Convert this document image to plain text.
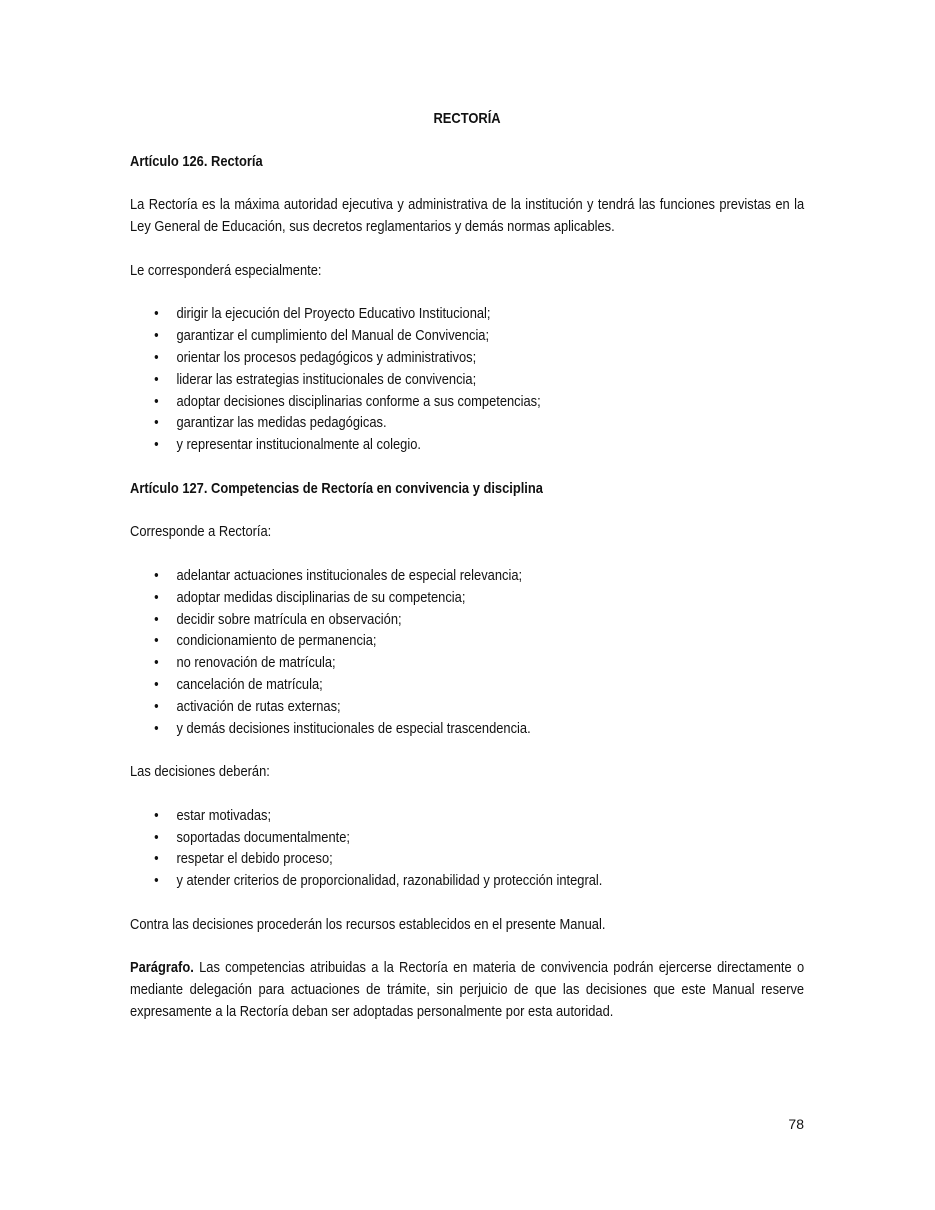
RECTORÍA
Artículo 126. Rectoría

La Rectoría es la máxima autoridad ejecutiva y administrativa de la institución y tendrá las funciones previstas en la Ley General de Educación, sus decretos reglamentarios y demás normas aplicables.

Le corresponderá especialmente:

• dirigir la ejecución del Proyecto Educativo Institucional;
• garantizar el cumplimiento del Manual de Convivencia;
• orientar los procesos pedagógicos y administrativos;
• liderar las estrategias institucionales de convivencia;
• adoptar decisiones disciplinarias conforme a sus competencias;
• garantizar las medidas pedagógicas.
• y representar institucionalmente al colegio.
Artículo 127. Competencias de Rectoría en convivencia y disciplina

Corresponde a Rectoría:

• adelantar actuaciones institucionales de especial relevancia;
• adoptar medidas disciplinarias de su competencia;
• decidir sobre matrícula en observación;
• condicionamiento de permanencia;
• no renovación de matrícula;
• cancelación de matrícula;
• activación de rutas externas;
• y demás decisiones institucionales de especial trascendencia.

Las decisiones deberán:

• estar motivadas;
• soportadas documentalmente;
• respetar el debido proceso;
• y atender criterios de proporcionalidad, razonabilidad y protección integral.

Contra las decisiones procederán los recursos establecidos en el presente Manual.

Parágrafo. Las competencias atribuidas a la Rectoría en materia de convivencia podrán ejercerse directamente o mediante delegación para actuaciones de trámite, sin perjuicio de que las decisiones que este Manual reserve expresamente a la Rectoría deban ser adoptadas personalmente por esta autoridad.

78
